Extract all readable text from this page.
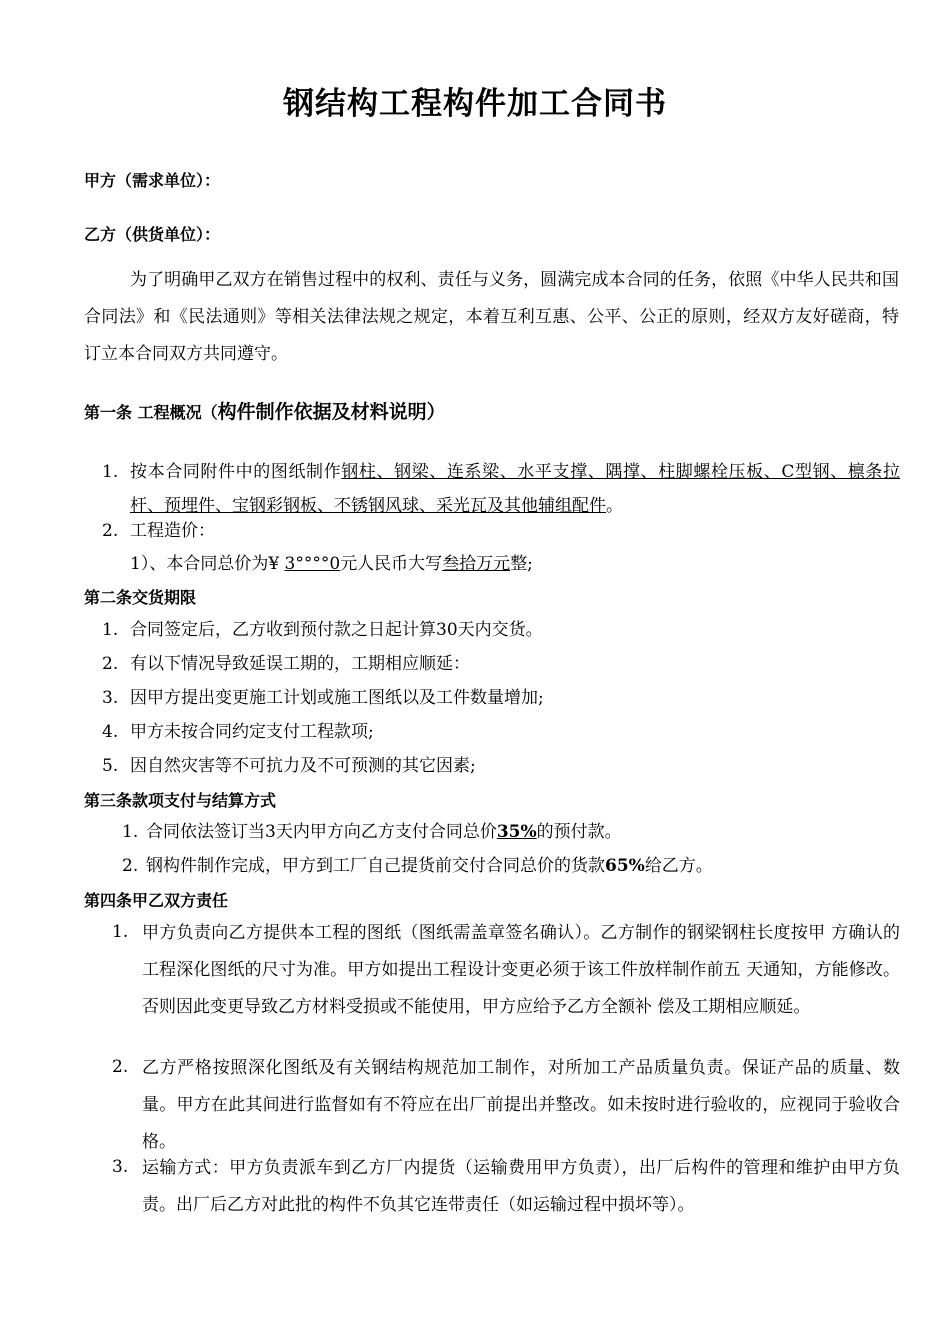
钢结构工程构件加工合同书
甲方（需求单位）：
乙方（供货单位）：
为了明确甲乙双方在销售过程中的权利、责任与义务，圆满完成本合同的任务，依照《中华人民共和国合同法》和《民法通则》等相关法律法规之规定，本着互利互惠、公平、公正的原则，经双方友好磋商，特订立本合同双方共同遵守。
第一条 工程概况（构件制作依据及材料说明）
1. 按本合同附件中的图纸制作钢柱、钢梁、连系梁、水平支撑、隅撑、柱脚螺栓压板、C型钢、檩条拉杆、预埋件、宝钢彩钢板、不锈钢风球、采光瓦及其他辅组配件。
2. 工程造价：
1）、本合同总价为¥ 3°°°°0元人民币大写叁拾万元整;
第二条交货期限
1. 合同签定后，乙方收到预付款之日起计算30天内交货。
2. 有以下情况导致延误工期的，工期相应顺延：
3. 因甲方提出变更施工计划或施工图纸以及工件数量增加;
4. 甲方未按合同约定支付工程款项;
5. 因自然灾害等不可抗力及不可预测的其它因素;
第三条款项支付与结算方式
1. 合同依法签订当3天内甲方向乙方支付合同总价35%的预付款。
2. 钢构件制作完成，甲方到工厂自己提货前交付合同总价的货款65%给乙方。
第四条甲乙双方责任
1. 甲方负责向乙方提供本工程的图纸（图纸需盖章签名确认）。乙方制作的钢梁钢柱长度按甲 方确认的工程深化图纸的尺寸为准。甲方如提出工程设计变更必须于该工件放样制作前五 天通知，方能修改。否则因此变更导致乙方材料受损或不能使用，甲方应给予乙方全额补 偿及工期相应顺延。
2. 乙方严格按照深化图纸及有关钢结构规范加工制作，对所加工产品质量负责。保证产品的质量、数量。甲方在此其间进行监督如有不符应在出厂前提出并整改。如未按时进行验收的，应视同于验收合格。
3. 运输方式：甲方负责派车到乙方厂内提货（运输费用甲方负责），出厂后构件的管理和维护由甲方负责。出厂后乙方对此批的构件不负其它连带责任（如运输过程中损坏等）。
